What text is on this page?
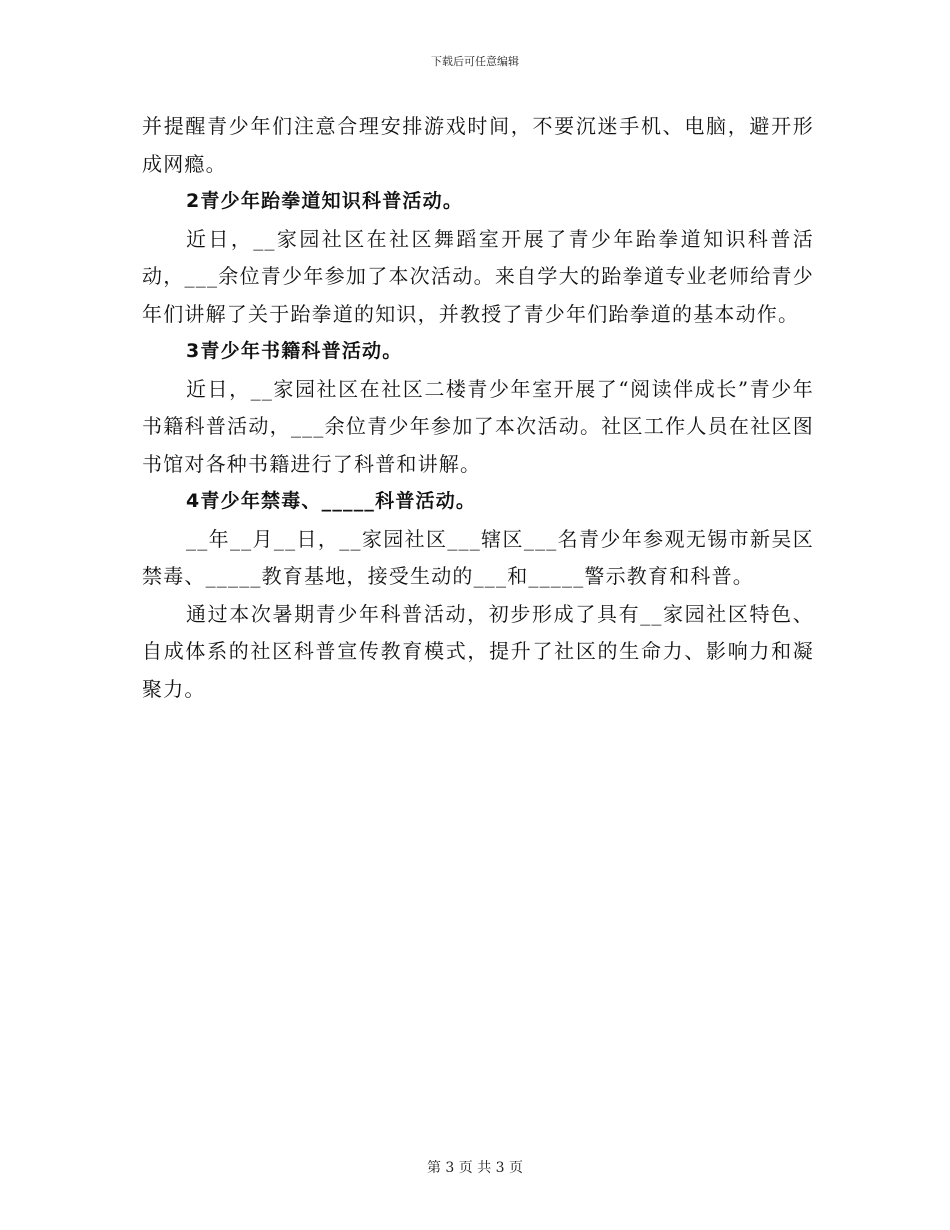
下载后可任意编辑

并提醒青少年们注意合理安排游戏时间，不要沉迷手机、电脑，避开形成网瘾。

2青少年跆拳道知识科普活动。

近日，__家园社区在社区舞蹈室开展了青少年跆拳道知识科普活动，___余位青少年参加了本次活动。来自学大的跆拳道专业老师给青少年们讲解了关于跆拳道的知识，并教授了青少年们跆拳道的基本动作。

3青少年书籍科普活动。

近日，__家园社区在社区二楼青少年室开展了“阅读伴成长”青少年书籍科普活动，___余位青少年参加了本次活动。社区工作人员在社区图书馆对各种书籍进行了科普和讲解。

4青少年禁毒、_____科普活动。

__年__月__日，__家园社区___辖区___名青少年参观无锡市新吴区禁毒、_____教育基地，接受生动的___和_____警示教育和科普。

通过本次暑期青少年科普活动，初步形成了具有__家园社区特色、自成体系的社区科普宣传教育模式，提升了社区的生命力、影响力和凝聚力。

第 3 页 共 3 页
